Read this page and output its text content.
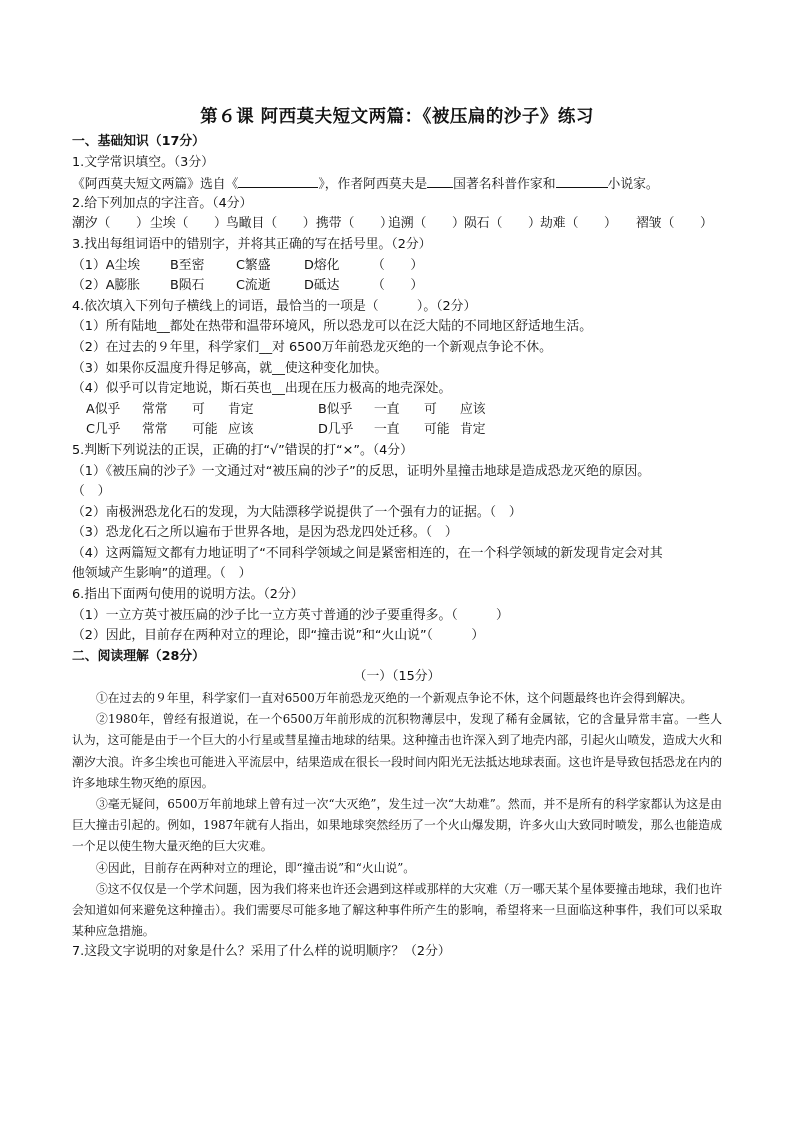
第６课 阿西莫夫短文两篇：《被压扁的沙子》练习
一、基础知识（17分）
1.文学常识填空。（3分）
《阿西莫夫短文两篇》选自《	》，作者阿西莫夫是 国著名科普作家和	小说家。
2.给下列加点的字注音。（4分）
潮汐（　　）尘埃（　　）鸟瞰目（　　）携带（　　）追溯（　　）陨石（　　）劫难（　　） 褶皱（　　）
3.找出每组词语中的错别字，并将其正确的写在括号里。（2分）
（1）A尘埃 B至密 C繁盛	D熔化	（　　）
（2）A膨胀 B陨石 C流逝	D砥达	（　　）
4.依次填入下列句子横线上的词语，最恰当的一项是（　　　）。（2分）
（1）所有陆地__都处在热带和温带环境风，所以恐龙可以在泛大陆的不同地区舒适地生活。
（2）在过去的９年里，科学家们__对 6500万年前恐龙灭绝的一个新观点争论不休。
（3）如果你反温度升得足够高，就__使这种变化加快。
（4）似乎可以肯定地说，斯石英也__出现在压力极高的地壳深处。
A似乎 常常 可 肯定	B似乎 一直 可 应该
C几乎 常常 可能 应该	D几乎 一直 可能 肯定
5.判断下列说法的正误，正确的打“√”错误的打“×”。（4分）
（1）《被压扁的沙子》一文通过对“被压扁的沙子”的反思，证明外星撞击地球是造成恐龙灭绝的原因。
（　）
（2）南极洲恐龙化石的发现，为大陆漂移学说提供了一个强有力的证据。（　）
（3）恐龙化石之所以遍布于世界各地，是因为恐龙四处迁移。（　）
（4）这两篇短文都有力地证明了“不同科学领域之间是紧密相连的，在一个科学领域的新发现肯定会对其
他领域产生影响”的道理。（　）
6.指出下面两句使用的说明方法。（2分）
（1）一立方英寸被压扁的沙子比一立方英寸普通的沙子要重得多。（　　　）
（2）因此，目前存在两种对立的理论，即“撞击说”和“火山说”（　　　）
二、阅读理解（28分）
（一）（15分）

①在过去的９年里，科学家们一直对6500万年前恐龙灭绝的一个新观点争论不休，这个问题最终也许会得到解决。

②1980年，曾经有报道说，在一个6500万年前形成的沉积物薄层中，发现了稀有金属铱，它的含量异常丰富。一些人认为，这可能是由于一个巨大的小行星或彗星撞击地球的结果。这种撞击也许深入到了地壳内部，引起火山喷发，造成大火和潮汐大浪。许多尘埃也可能进入平流层中，结果造成在很长一段时间内阳光无法抵达地球表面。这也许是导致包括恐龙在内的许多地球生物灭绝的原因。

③毫无疑问，6500万年前地球上曾有过一次“大灭绝”，发生过一次“大劫难”。然而，并不是所有的科学家都认为这是由巨大撞击引起的。例如，1987年就有人指出，如果地球突然经历了一个火山爆发期，许多火山大致同时喷发，那么也能造成一个足以使生物大量灭绝的巨大灾难。

④因此，目前存在两种对立的理论，即“撞击说”和“火山说”。

⑤这不仅仅是一个学术问题，因为我们将来也许还会遇到这样或那样的大灾难（万一哪天某个星体要撞击地球，我们也许会知道如何来避免这种撞击）。我们需要尽可能多地了解这种事件所产生的影响，希望将来一旦面临这种事件，我们可以采取某种应急措施。

7.这段文字说明的对象是什么？采用了什么样的说明顺序？（2分）
